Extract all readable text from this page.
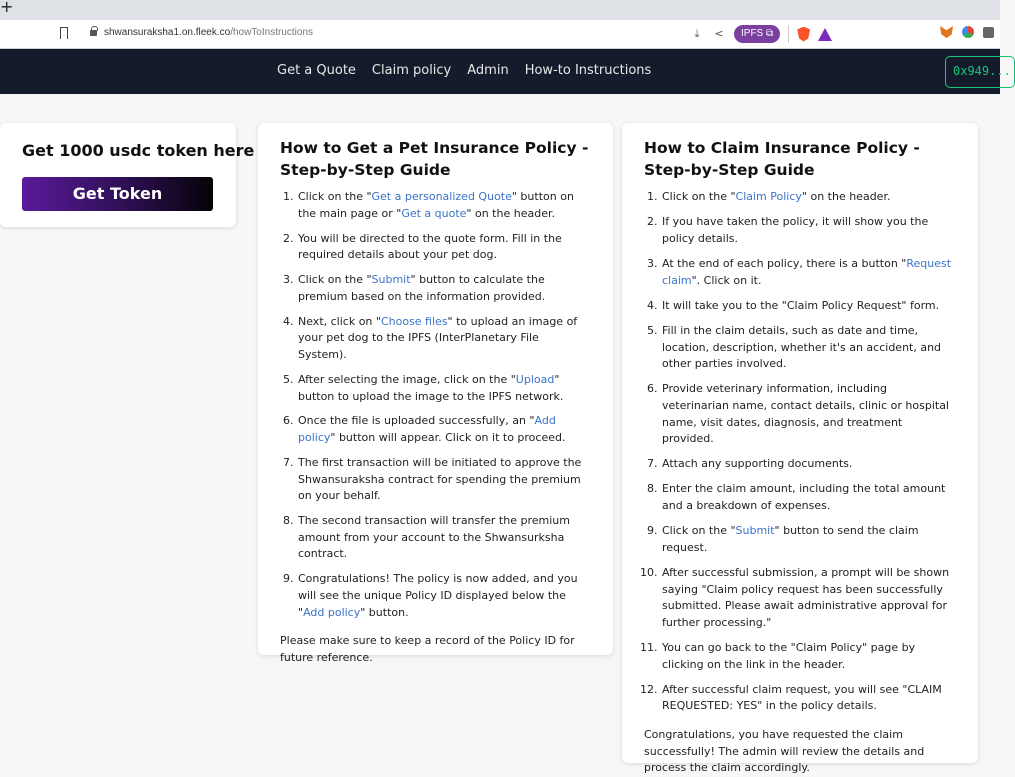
+
shwansuraksha1.on.fleek.co/howToInstructions	⤓	<	IPFS ⧉
Get a Quote Claim policy Admin How-to Instructions	0x949...
Get 1000 usdc token here
Get Token
How to Get a Pet Insurance Policy - Step-by-Step Guide
1. Click on the "Get a personalized Quote" button on the main page or "Get a quote" on the header.
2. You will be directed to the quote form. Fill in the required details about your pet dog.
3. Click on the "Submit" button to calculate the premium based on the information provided.
4. Next, click on "Choose files" to upload an image of your pet dog to the IPFS (InterPlanetary File System).
5. After selecting the image, click on the "Upload" button to upload the image to the IPFS network.
6. Once the file is uploaded successfully, an "Add policy" button will appear. Click on it to proceed.
7. The first transaction will be initiated to approve the Shwansuraksha contract for spending the premium on your behalf.
8. The second transaction will transfer the premium amount from your account to the Shwansurksha contract.
9. Congratulations! The policy is now added, and you will see the unique Policy ID displayed below the "Add policy" button.
Please make sure to keep a record of the Policy ID for future reference.
How to Claim Insurance Policy - Step-by-Step Guide
1. Click on the "Claim Policy" on the header.
2. If you have taken the policy, it will show you the policy details.
3. At the end of each policy, there is a button "Request claim". Click on it.
4. It will take you to the "Claim Policy Request" form.
5. Fill in the claim details, such as date and time, location, description, whether it's an accident, and other parties involved.
6. Provide veterinary information, including veterinarian name, contact details, clinic or hospital name, visit dates, diagnosis, and treatment provided.
7. Attach any supporting documents.
8. Enter the claim amount, including the total amount and a breakdown of expenses.
9. Click on the "Submit" button to send the claim request.
10. After successful submission, a prompt will be shown saying "Claim policy request has been successfully submitted. Please await administrative approval for further processing."
11. You can go back to the "Claim Policy" page by clicking on the link in the header.
12. After successful claim request, you will see "CLAIM REQUESTED: YES" in the policy details.
Congratulations, you have requested the claim successfully! The admin will review the details and process the claim accordingly.
